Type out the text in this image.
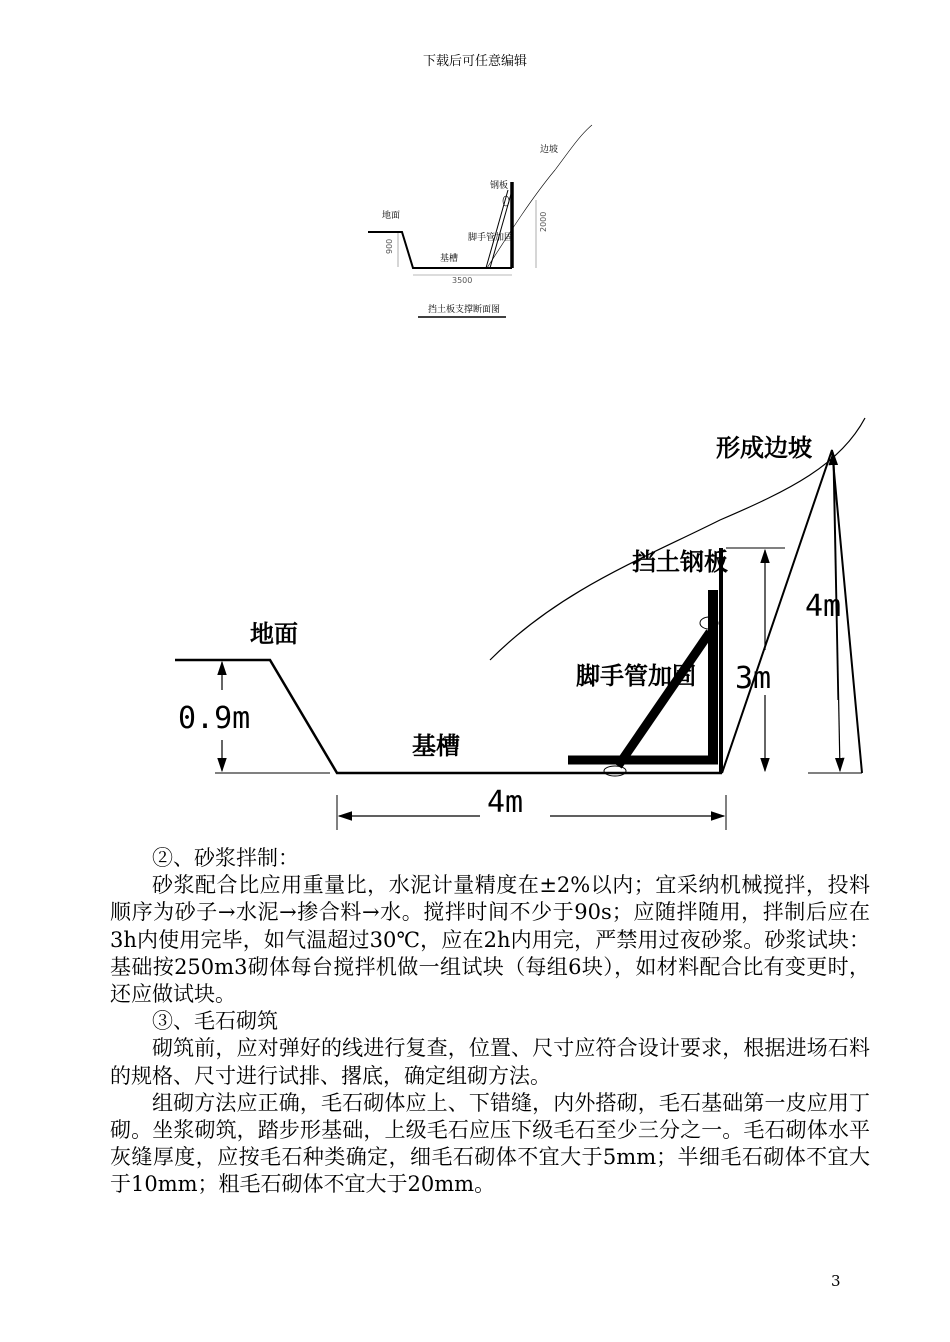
下载后可任意编辑
900
2000
3500
边坡
钢板
地面
脚手管加固
基槽
挡土板支撑断面图
0.9m
4m
3m
4m
形成边坡
挡土钢板
地面
脚手管加固
基槽

②、砂浆拌制：

砂浆配合比应用重量比，水泥计量精度在±2%以内；宜采纳机械搅拌，投料顺序为砂子→水泥→掺合料→水。搅拌时间不少于90s；应随拌随用，拌制后应在3h内使用完毕，如气温超过30℃，应在2h内用完，严禁用过夜砂浆。砂浆试块：基础按250m3砌体每台搅拌机做一组试块（每组6块），如材料配合比有变更时，还应做试块。

③、毛石砌筑

砌筑前，应对弹好的线进行复查，位置、尺寸应符合设计要求，根据进场石料的规格、尺寸进行试排、撂底，确定组砌方法。

组砌方法应正确，毛石砌体应上、下错缝，内外搭砌，毛石基础第一皮应用丁砌。坐浆砌筑，踏步形基础，上级毛石应压下级毛石至少三分之一。毛石砌体水平灰缝厚度，应按毛石种类确定，细毛石砌体不宜大于5mm；半细毛石砌体不宜大于10mm；粗毛石砌体不宜大于20mm。

3
